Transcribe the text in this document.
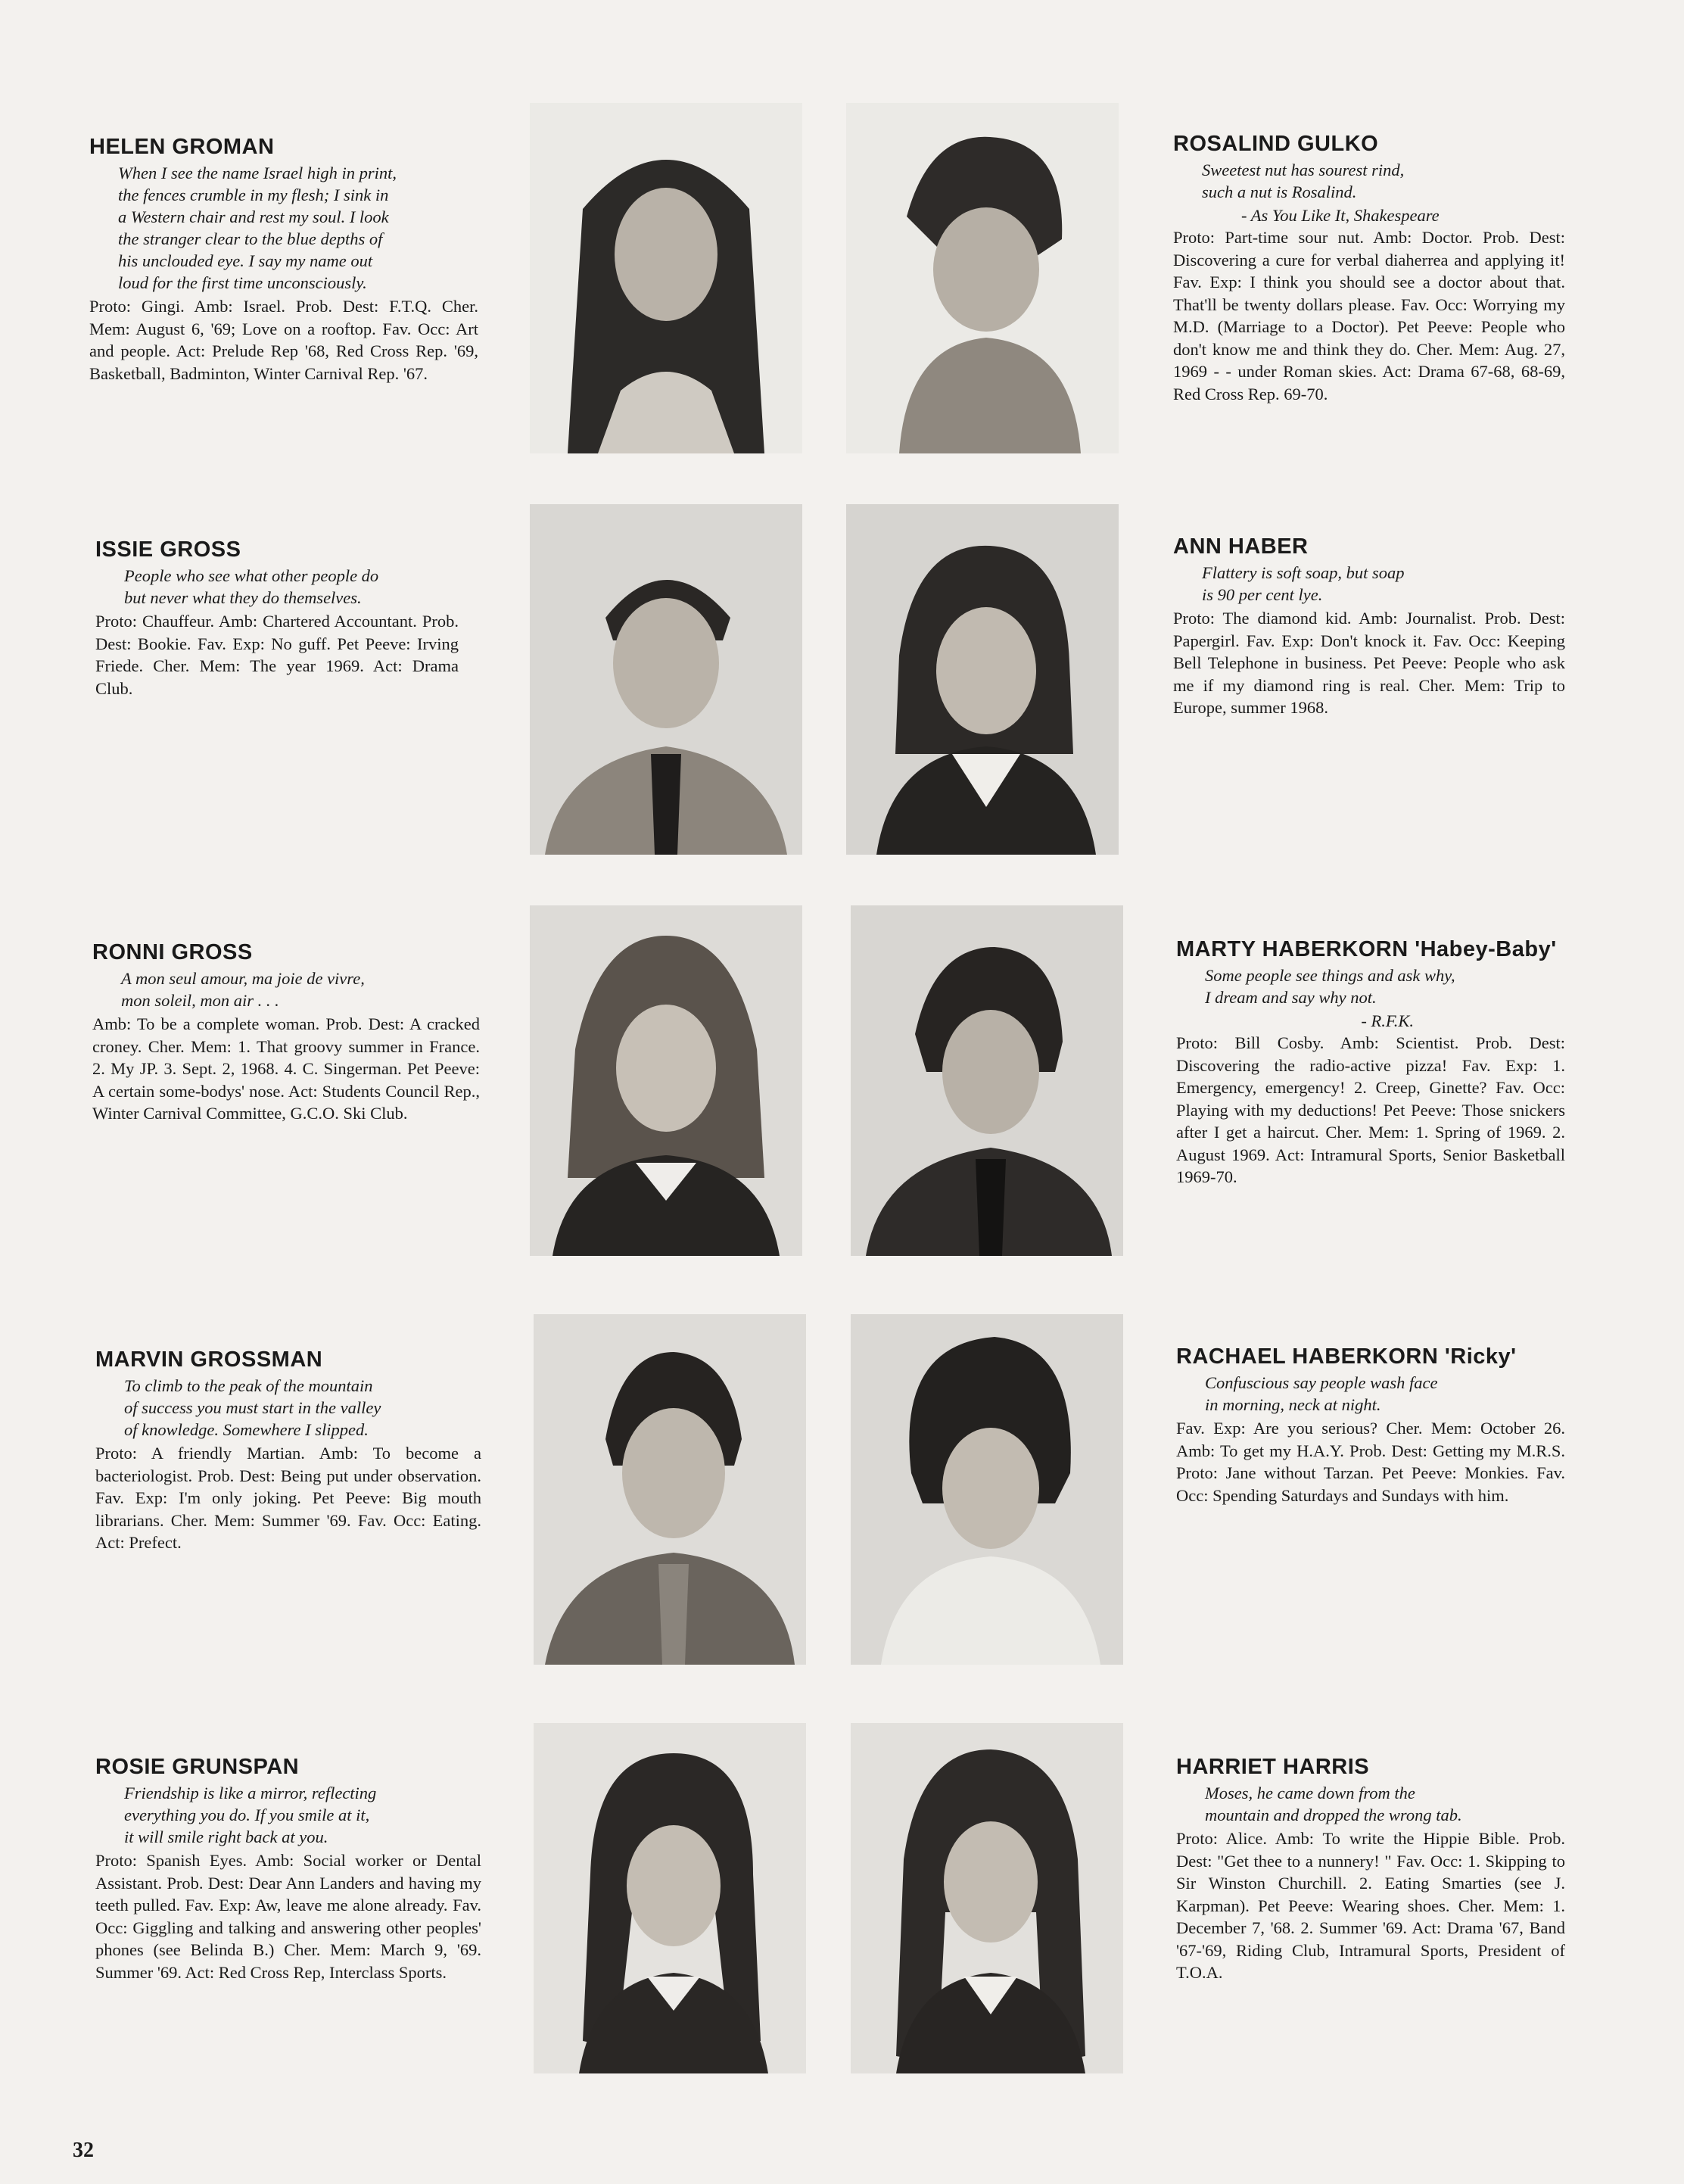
HELEN GROMAN
When I see the name Israel high in print,
the fences crumble in my flesh; I sink in
a Western chair and rest my soul. I look
the stranger clear to the blue depths of
his unclouded eye. I say my name out
loud for the first time unconsciously.
Proto: Gingi. Amb: Israel. Prob. Dest: F.T.Q. Cher. Mem: August 6, '69; Love on a rooftop. Fav. Occ: Art and people. Act: Prelude Rep '68, Red Cross Rep. '69, Basketball, Badminton, Winter Carnival Rep. '67.
ROSALIND GULKO
Sweetest nut has sourest rind,
such a nut is Rosalind.
- As You Like It, Shakespeare
Proto: Part-time sour nut. Amb: Doctor. Prob. Dest: Discovering a cure for verbal diaherrea and applying it! Fav. Exp: I think you should see a doctor about that. That'll be twenty dollars please. Fav. Occ: Worrying my M.D. (Marriage to a Doctor). Pet Peeve: People who don't know me and think they do. Cher. Mem: Aug. 27, 1969 - - under Roman skies. Act: Drama 67-68, 68-69, Red Cross Rep. 69-70.
ISSIE GROSS
People who see what other people do
but never what they do themselves.
Proto: Chauffeur. Amb: Chartered Accountant. Prob. Dest: Bookie. Fav. Exp: No guff. Pet Peeve: Irving Friede. Cher. Mem: The year 1969. Act: Drama Club.
ANN HABER
Flattery is soft soap, but soap
is 90 per cent lye.
Proto: The diamond kid. Amb: Journalist. Prob. Dest: Papergirl. Fav. Exp: Don't knock it. Fav. Occ: Keeping Bell Telephone in business. Pet Peeve: People who ask me if my diamond ring is real. Cher. Mem: Trip to Europe, summer 1968.
RONNI GROSS
A mon seul amour, ma joie de vivre,
mon soleil, mon air . . .
Amb: To be a complete woman. Prob. Dest: A cracked croney. Cher. Mem: 1. That groovy summer in France. 2. My JP. 3. Sept. 2, 1968. 4. C. Singerman. Pet Peeve: A certain some-bodys' nose. Act: Students Council Rep., Winter Carnival Committee, G.C.O. Ski Club.
MARTY HABERKORN 'Habey-Baby'
Some people see things and ask why,
I dream and say why not.
- R.F.K.
Proto: Bill Cosby. Amb: Scientist. Prob. Dest: Discovering the radio-active pizza! Fav. Exp: 1. Emergency, emergency! 2. Creep, Ginette? Fav. Occ: Playing with my deductions! Pet Peeve: Those snickers after I get a haircut. Cher. Mem: 1. Spring of 1969. 2. August 1969. Act: Intramural Sports, Senior Basketball 1969-70.
MARVIN GROSSMAN
To climb to the peak of the mountain
of success you must start in the valley
of knowledge. Somewhere I slipped.
Proto: A friendly Martian. Amb: To become a bacteriologist. Prob. Dest: Being put under observation. Fav. Exp: I'm only joking. Pet Peeve: Big mouth librarians. Cher. Mem: Summer '69. Fav. Occ: Eating. Act: Prefect.
RACHAEL HABERKORN 'Ricky'
Confuscious say people wash face
in morning, neck at night.
Fav. Exp: Are you serious? Cher. Mem: October 26. Amb: To get my H.A.Y. Prob. Dest: Getting my M.R.S. Proto: Jane without Tarzan. Pet Peeve: Monkies. Fav. Occ: Spending Saturdays and Sundays with him.
ROSIE GRUNSPAN
Friendship is like a mirror, reflecting
everything you do. If you smile at it,
it will smile right back at you.
Proto: Spanish Eyes. Amb: Social worker or Dental Assistant. Prob. Dest: Dear Ann Landers and having my teeth pulled. Fav. Exp: Aw, leave me alone already. Fav. Occ: Giggling and talking and answering other peoples' phones (see Belinda B.) Cher. Mem: March 9, '69. Summer '69. Act: Red Cross Rep, Interclass Sports.
HARRIET HARRIS
Moses, he came down from the
mountain and dropped the wrong tab.
Proto: Alice. Amb: To write the Hippie Bible. Prob. Dest: "Get thee to a nunnery! " Fav. Occ: 1. Skipping to Sir Winston Churchill. 2. Eating Smarties (see J. Karpman). Pet Peeve: Wearing shoes. Cher. Mem: 1. December 7, '68. 2. Summer '69. Act: Drama '67, Band '67-'69, Riding Club, Intramural Sports, President of T.O.A.
32
